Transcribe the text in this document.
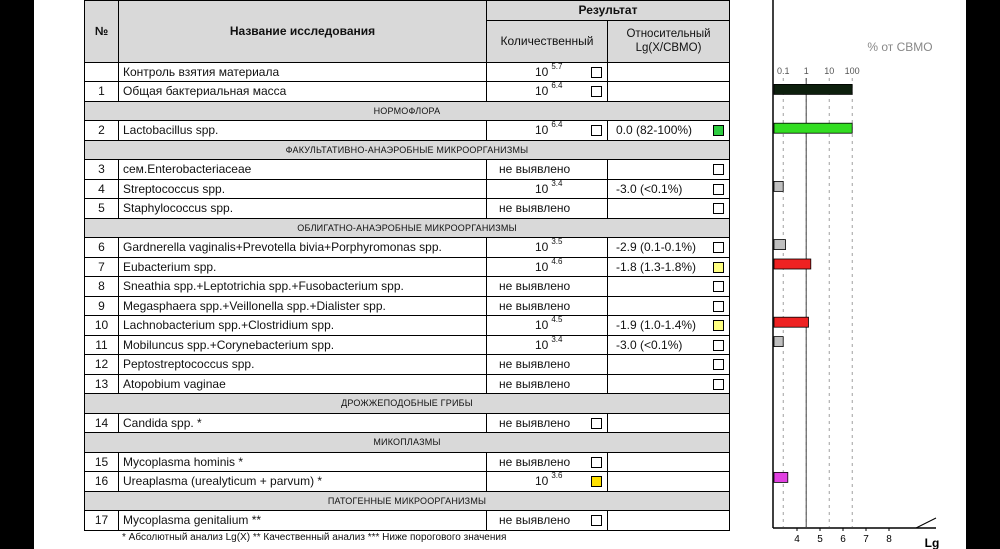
№	Название исследования	Результат	
		Количественный	Относительный Lg(X/СВМО)
	Контроль взятия материала	10 $^{5.7}$

1	Общая бактериальная масса	10 $^{6.4}$

НОРМОФЛОРА			
2	Lactobacillus spp.	10 $^{6.4}$	0.0 (82-100%)

ФАКУЛЬТАТИВНО-АНАЭРОБНЫЕ МИКРООРГАНИЗМЫ			
3	сем.Enterobacteriaceae	не выявлено	

4	Streptococcus spp.	10 $^{3.4}$	-3.0 (<0.1%)

5	Staphylococcus spp.	не выявлено	

ОБЛИГАТНО-АНАЭРОБНЫЕ МИКРООРГАНИЗМЫ			
6	Gardnerella vaginalis+Prevotella bivia+Porphyromonas spp.	10 $^{3.5}$	-2.9 (0.1-0.1%)

7	Eubacterium spp.	10 $^{4.6}$	-1.8 (1.3-1.8%)

8	Sneathia spp.+Leptotrichia spp.+Fusobacterium spp.	не выявлено	

9	Megasphaera spp.+Veillonella spp.+Dialister spp.	не выявлено	

10	Lachnobacterium spp.+Clostridium spp.	10 $^{4.5}$	-1.9 (1.0-1.4%)

11	Mobiluncus spp.+Corynebacterium spp.	10 $^{3.4}$	-3.0 (<0.1%)

12	Peptostreptococcus spp.	не выявлено	

13	Atopobium vaginae	не выявлено	

ДРОЖЖЕПОДОБНЫЕ ГРИБЫ			
14	Candida spp. *	не выявлено	

МИКОПЛАЗМЫ			
15	Mycoplasma hominis *	не выявлено	

16	Ureaplasma (urealyticum + parvum) *	10 $^{3.6}$

ПАТОГЕННЫЕ МИКРООРГАНИЗМЫ			
17	Mycoplasma genitalium **	не выявлено	

% от СВМО
0.1 1 10 100
4 5 6 7 8	Lg
* Абсолютный анализ Lg(X) ** Качественный анализ *** Ниже порогового значения
